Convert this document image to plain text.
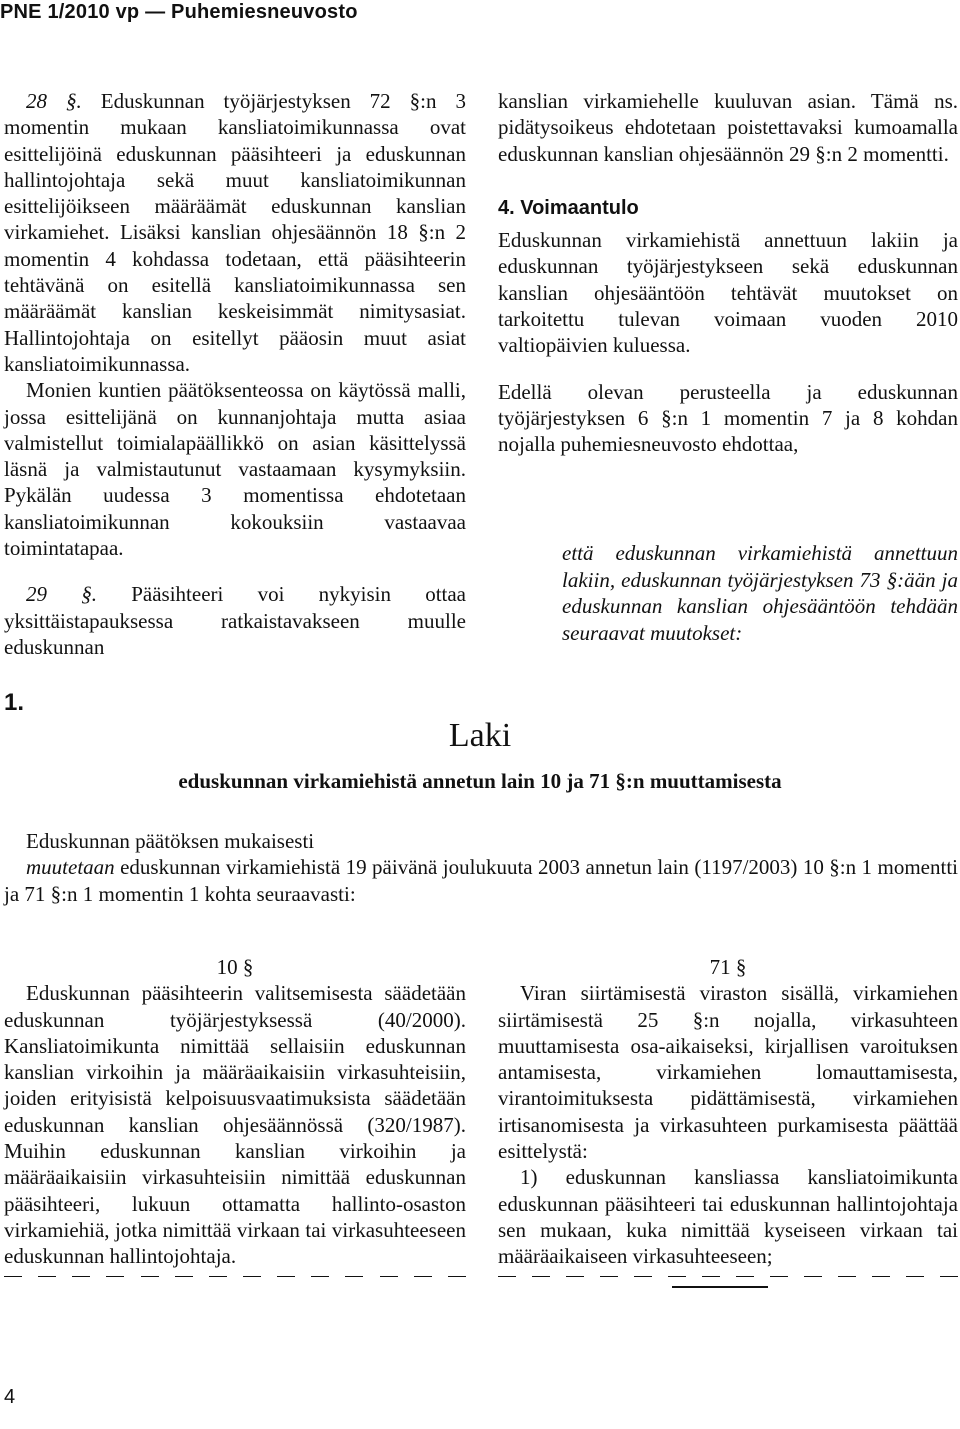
PNE 1/2010 vp — Puhemiesneuvosto

28 §. Eduskunnan työjärjestyksen 72 §:n 3 momentin mukaan kansliatoimikunnassa ovat esittelijöinä eduskunnan pääsihteeri ja eduskunnan hallintojohtaja sekä muut kansliatoimikunnan esittelijöikseen määräämät eduskunnan kanslian virkamiehet. Lisäksi kanslian ohjesäännön 18 §:n 2 momentin 4 kohdassa todetaan, että pääsihteerin tehtävänä on esitellä kansliatoimikunnassa sen määräämät kanslian keskeisimmät nimitysasiat. Hallintojohtaja on esitellyt pääosin muut asiat kansliatoimikunnassa.

Monien kuntien päätöksenteossa on käytössä malli, jossa esittelijänä on kunnanjohtaja mutta asiaa valmistellut toimialapäällikkö on asian käsittelyssä läsnä ja valmistautunut vastaamaan kysymyksiin. Pykälän uudessa 3 momentissa ehdotetaan kansliatoimikunnan kokouksiin vastaavaa toimintatapaa.

29 §. Pääsihteeri voi nykyisin ottaa yksittäistapauksessa ratkaistavakseen muulle eduskunnan

kanslian virkamiehelle kuuluvan asian. Tämä ns. pidätysoikeus ehdotetaan poistettavaksi kumoamalla eduskunnan kanslian ohjesäännön 29 §:n 2 momentti.

4. Voimaantulo

Eduskunnan virkamiehistä annettuun lakiin ja eduskunnan työjärjestykseen sekä eduskunnan kanslian ohjesääntöön tehtävät muutokset on tarkoitettu tulevan voimaan vuoden 2010 valtiopäivien kuluessa.

Edellä olevan perusteella ja eduskunnan työjärjestyksen 6 §:n 1 momentin 7 ja 8 kohdan nojalla puhemiesneuvosto ehdottaa,

että eduskunnan virkamiehistä annettuun lakiin, eduskunnan työjärjestyksen 73 §:ään ja eduskunnan kanslian ohjesääntöön tehdään seuraavat muutokset:
1.
Laki
eduskunnan virkamiehistä annetun lain 10 ja 71 §:n muuttamisesta

Eduskunnan päätöksen mukaisesti

muutetaan eduskunnan virkamiehistä 19 päivänä joulukuuta 2003 annetun lain (1197/2003) 10 §:n 1 momentti ja 71 §:n 1 momentin 1 kohta seuraavasti:

10 §

Eduskunnan pääsihteerin valitsemisesta säädetään eduskunnan työjärjestyksessä (40/2000). Kansliatoimikunta nimittää sellaisiin eduskunnan kanslian virkoihin ja määräaikaisiin virkasuhteisiin, joiden erityisistä kelpoisuusvaatimuksista säädetään eduskunnan kanslian ohjesäännössä (320/1987). Muihin eduskunnan kanslian virkoihin ja määräaikaisiin virkasuhteisiin nimittää eduskunnan pääsihteeri, lukuun ottamatta hallinto-osaston virkamiehiä, jotka nimittää virkaan tai virkasuhteeseen eduskunnan hallintojohtaja.

71 §

Viran siirtämisestä viraston sisällä, virkamiehen siirtämisestä 25 §:n nojalla, virkasuhteen muuttamisesta osa-aikaiseksi, kirjallisen varoituksen antamisesta, virkamiehen lomauttamisesta, virantoimituksesta pidättämisestä, virkamiehen irtisanomisesta ja virkasuhteen purkamisesta päättää esittelystä:

1) eduskunnan kansliassa kansliatoimikunta eduskunnan pääsihteeri tai eduskunnan hallintojohtaja sen mukaan, kuka nimittää kyseiseen virkaan tai määräaikaiseen virkasuhteeseen;

4
